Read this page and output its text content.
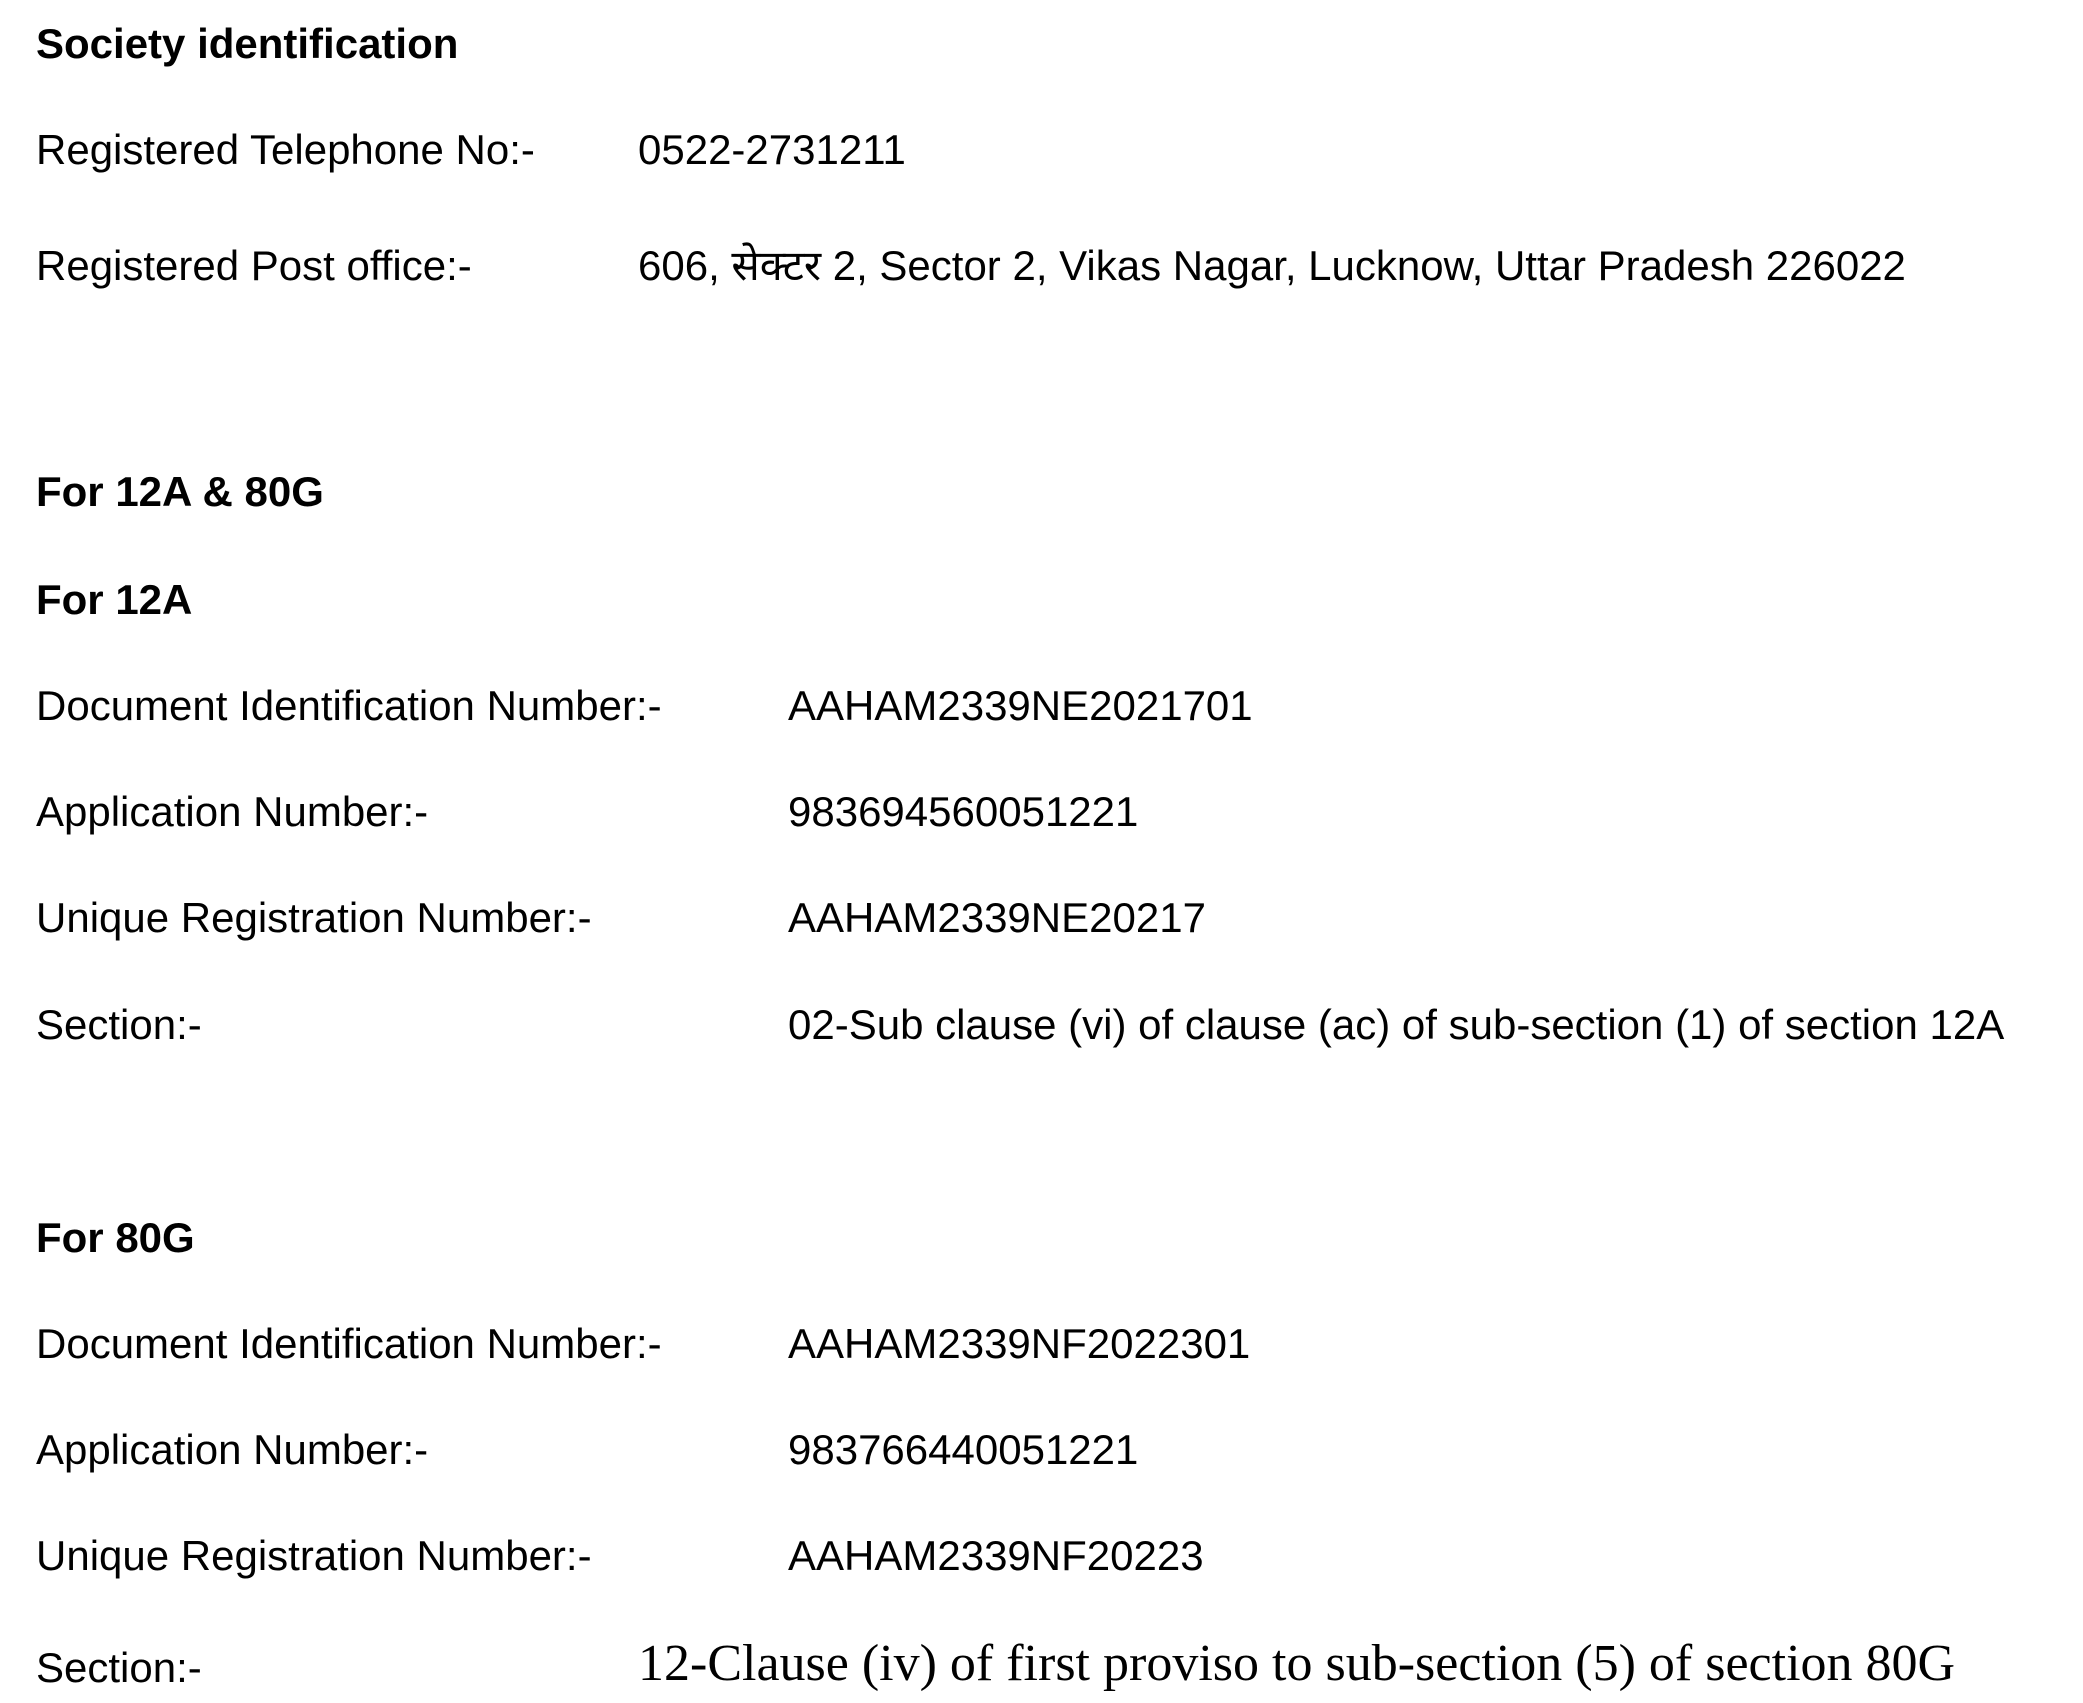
Society identification
Registered Telephone No:- 0522-2731211
Registered Post office:-	606, सेक्टर 2, Sector 2, Vikas Nagar, Lucknow, Uttar Pradesh 226022
For 12A & 80G
For 12A
Document Identification Number:-	AAHAM2339NE2021701
Application Number:-	983694560051221
Unique Registration Number:-	AAHAM2339NE20217
Section:-	02-Sub clause (vi) of clause (ac) of sub-section (1) of section 12A
For 80G
Document Identification Number:-	AAHAM2339NF2022301
Application Number:-	983766440051221
Unique Registration Number:-	AAHAM2339NF20223
Section:-	12-Clause (iv) of first proviso to sub-section (5) of section 80G
